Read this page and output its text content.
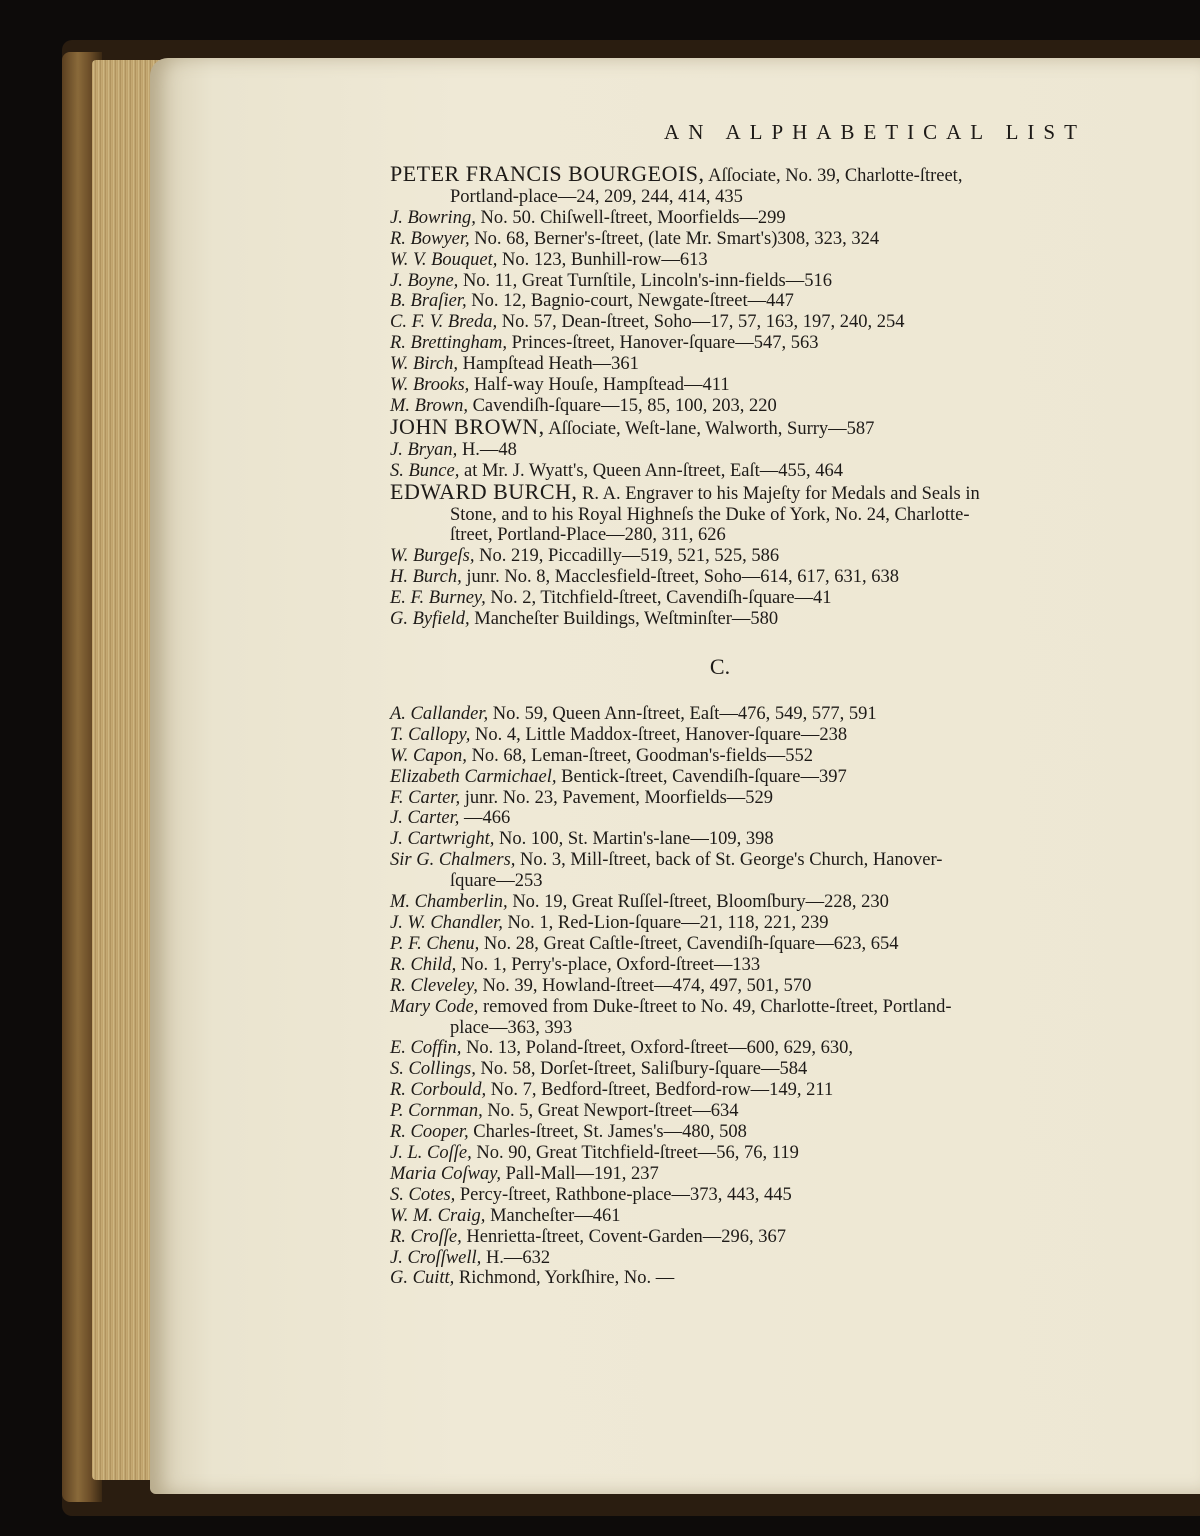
AN ALPHABETICAL LIST
PETER FRANCIS BOURGEOIS, Aſſociate, No. 39, Charlotte-ſtreet,
Portland-place—24, 209, 244, 414, 435
J. Bowring, No. 50. Chiſwell-ſtreet, Moorfields—299
R. Bowyer, No. 68, Berner's-ſtreet, (late Mr. Smart's)308, 323, 324
W. V. Bouquet, No. 123, Bunhill-row—613
J. Boyne, No. 11, Great Turnſtile, Lincoln's-inn-fields—516
B. Braſier, No. 12, Bagnio-court, Newgate-ſtreet—447
C. F. V. Breda, No. 57, Dean-ſtreet, Soho—17, 57, 163, 197, 240, 254
R. Brettingham, Princes-ſtreet, Hanover-ſquare—547, 563
W. Birch, Hampſtead Heath—361
W. Brooks, Half-way Houſe, Hampſtead—411
M. Brown, Cavendiſh-ſquare—15, 85, 100, 203, 220
JOHN BROWN, Aſſociate, Weſt-lane, Walworth, Surry—587
J. Bryan, H.—48
S. Bunce, at Mr. J. Wyatt's, Queen Ann-ſtreet, Eaſt—455, 464
EDWARD BURCH, R. A. Engraver to his Majeſty for Medals and Seals in
Stone, and to his Royal Highneſs the Duke of York, No. 24, Charlotte-
ſtreet, Portland-Place—280, 311, 626
W. Burgeſs, No. 219, Piccadilly—519, 521, 525, 586
H. Burch, junr. No. 8, Macclesfield-ſtreet, Soho—614, 617, 631, 638
E. F. Burney, No. 2, Titchfield-ſtreet, Cavendiſh-ſquare—41
G. Byfield, Mancheſter Buildings, Weſtminſter—580
C.
A. Callander, No. 59, Queen Ann-ſtreet, Eaſt—476, 549, 577, 591
T. Callopy, No. 4, Little Maddox-ſtreet, Hanover-ſquare—238
W. Capon, No. 68, Leman-ſtreet, Goodman's-fields—552
Elizabeth Carmichael, Bentick-ſtreet, Cavendiſh-ſquare—397
F. Carter, junr. No. 23, Pavement, Moorfields—529
J. Carter, —466
J. Cartwright, No. 100, St. Martin's-lane—109, 398
Sir G. Chalmers, No. 3, Mill-ſtreet, back of St. George's Church, Hanover-
ſquare—253
M. Chamberlin, No. 19, Great Ruſſel-ſtreet, Bloomſbury—228, 230
J. W. Chandler, No. 1, Red-Lion-ſquare—21, 118, 221, 239
P. F. Chenu, No. 28, Great Caſtle-ſtreet, Cavendiſh-ſquare—623, 654
R. Child, No. 1, Perry's-place, Oxford-ſtreet—133
R. Cleveley, No. 39, Howland-ſtreet—474, 497, 501, 570
Mary Code, removed from Duke-ſtreet to No. 49, Charlotte-ſtreet, Portland-
place—363, 393
E. Coffin, No. 13, Poland-ſtreet, Oxford-ſtreet—600, 629, 630,
S. Collings, No. 58, Dorſet-ſtreet, Saliſbury-ſquare—584
R. Corbould, No. 7, Bedford-ſtreet, Bedford-row—149, 211
P. Cornman, No. 5, Great Newport-ſtreet—634
R. Cooper, Charles-ſtreet, St. James's—480, 508
J. L. Coſſe, No. 90, Great Titchfield-ſtreet—56, 76, 119
Maria Coſway, Pall-Mall—191, 237
S. Cotes, Percy-ſtreet, Rathbone-place—373, 443, 445
W. M. Craig, Mancheſter—461
R. Croſſe, Henrietta-ſtreet, Covent-Garden—296, 367
J. Croſſwell, H.—632
G. Cuitt, Richmond, Yorkſhire, No. —
